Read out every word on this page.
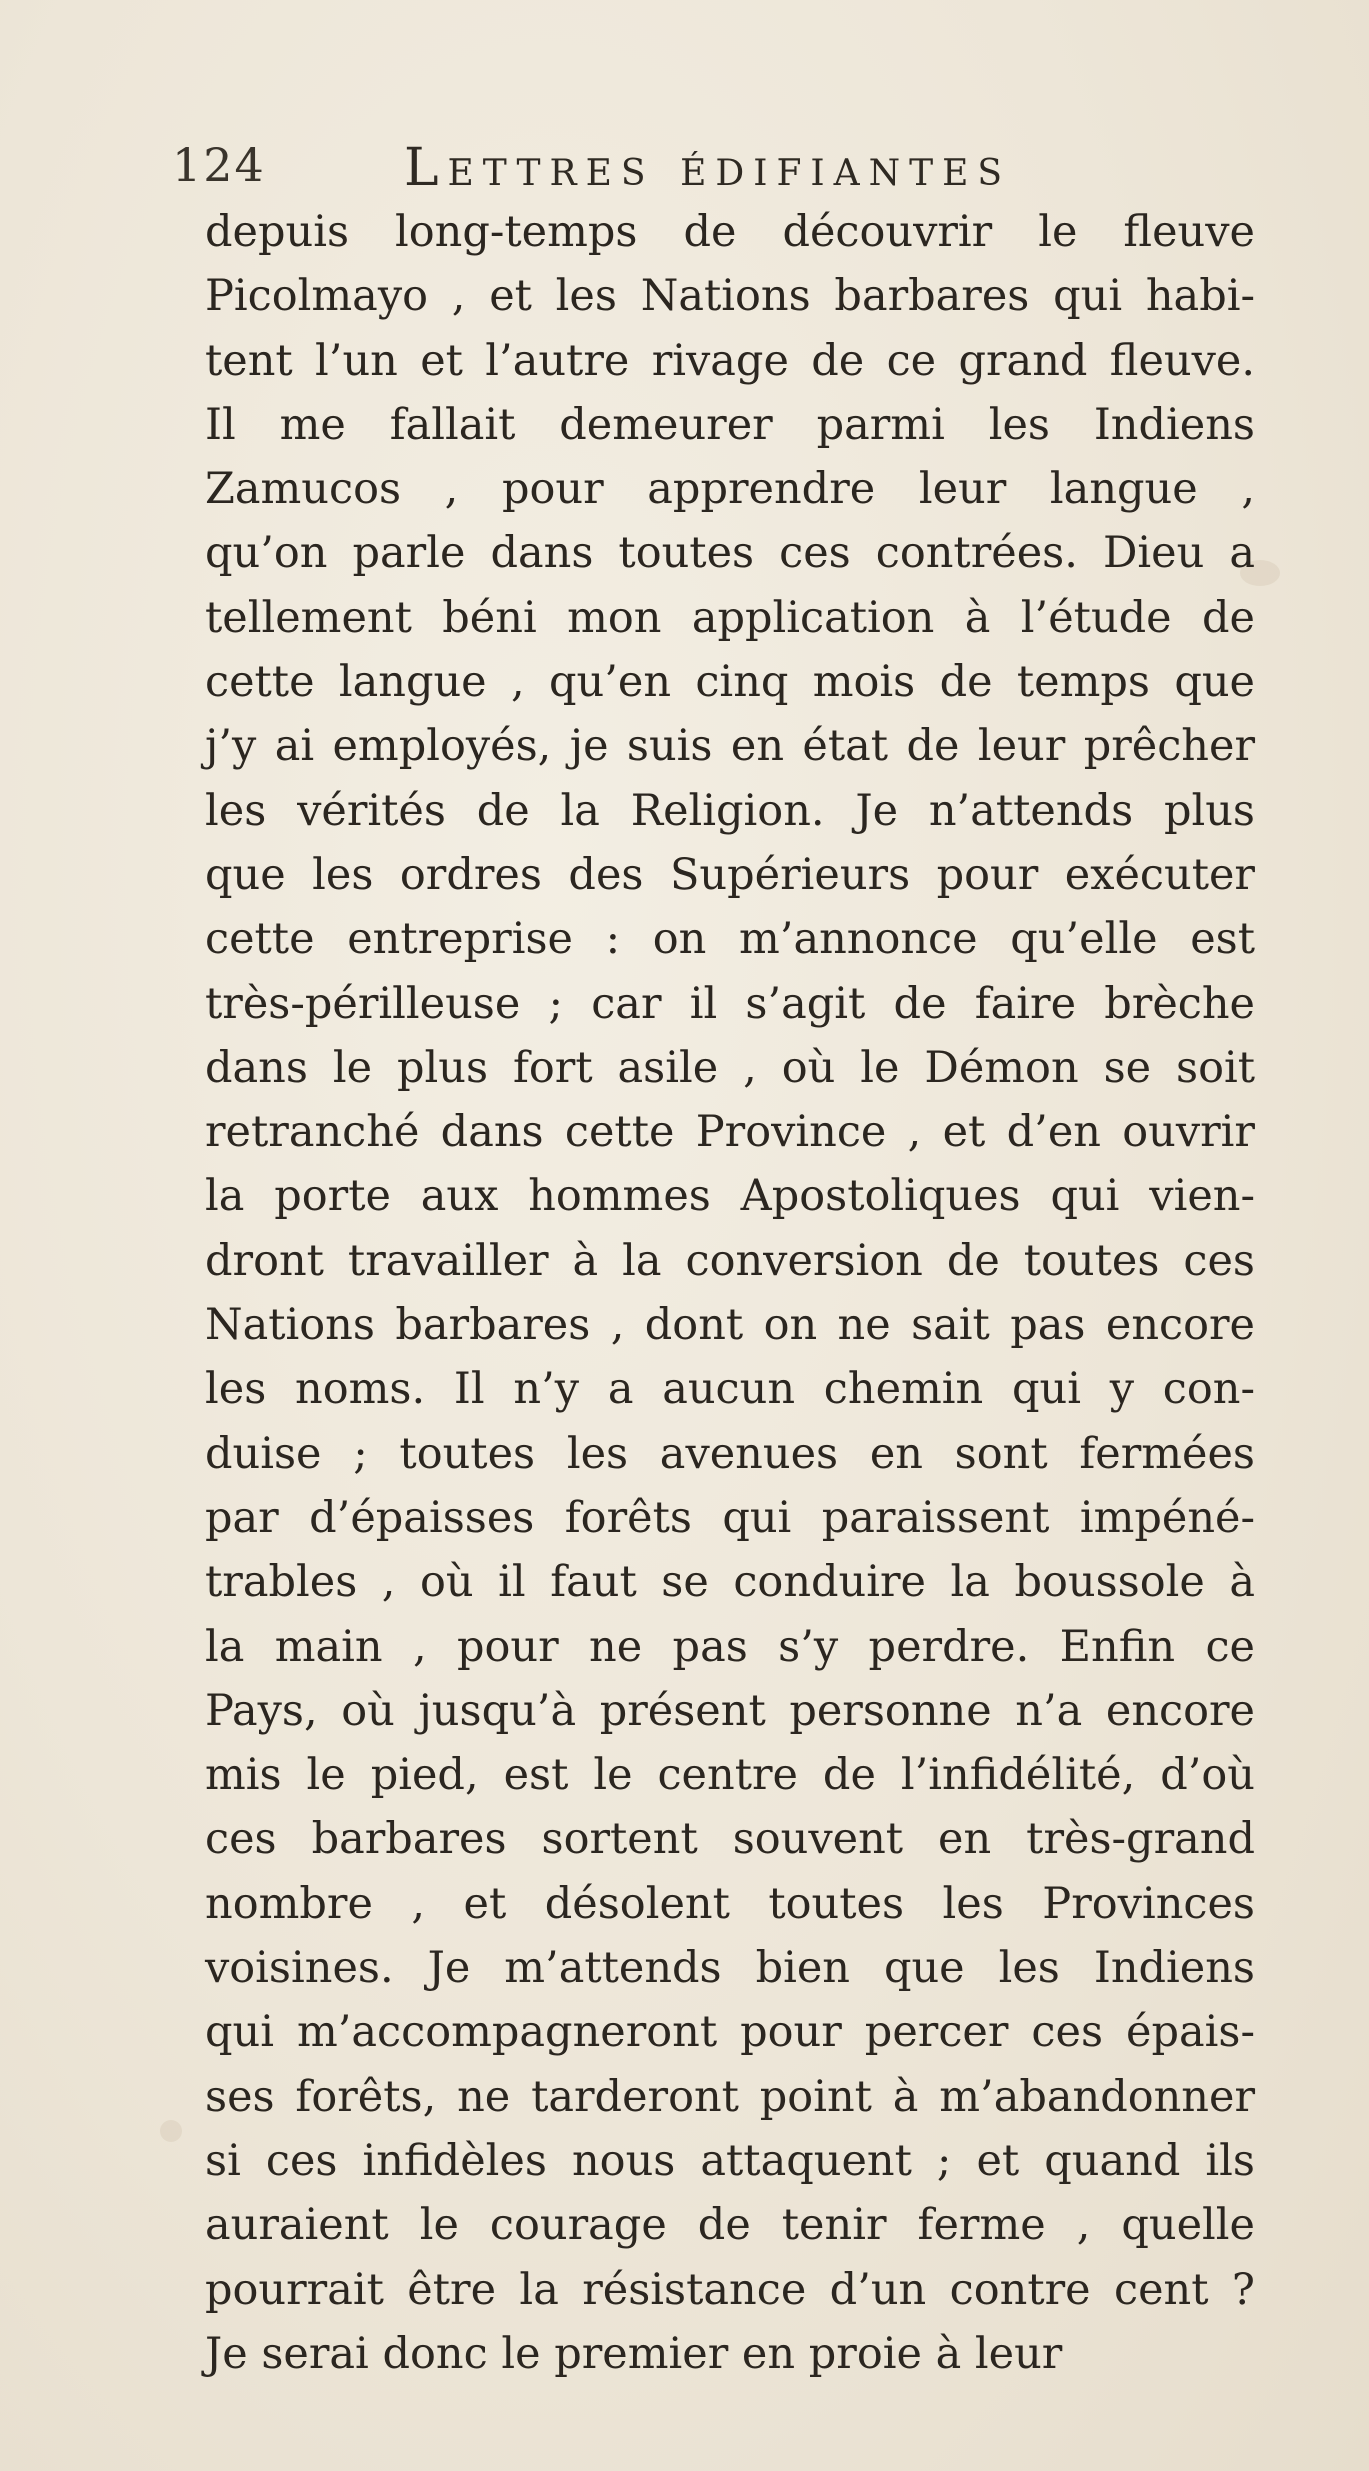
124	Lettres édifiantes
depuis long-temps de découvrir le fleuve
Picolmayo , et les Nations barbares qui habi-
tent l’un et l’autre rivage de ce grand fleuve.
Il me fallait demeurer parmi les Indiens
Zamucos , pour apprendre leur langue ,
qu’on parle dans toutes ces contrées. Dieu a
tellement béni mon application à l’étude de
cette langue , qu’en cinq mois de temps que
j’y ai employés, je suis en état de leur prêcher
les vérités de la Religion. Je n’attends plus
que les ordres des Supérieurs pour exécuter
cette entreprise : on m’annonce qu’elle est
très-périlleuse ; car il s’agit de faire brèche
dans le plus fort asile , où le Démon se soit
retranché dans cette Province , et d’en ouvrir
la porte aux hommes Apostoliques qui vien-
dront travailler à la conversion de toutes ces
Nations barbares , dont on ne sait pas encore
les noms. Il n’y a aucun chemin qui y con-
duise ; toutes les avenues en sont fermées
par d’épaisses forêts qui paraissent impéné-
trables , où il faut se conduire la boussole à
la main , pour ne pas s’y perdre. Enfin ce
Pays, où jusqu’à présent personne n’a encore
mis le pied, est le centre de l’infidélité, d’où
ces barbares sortent souvent en très-grand
nombre , et désolent toutes les Provinces
voisines. Je m’attends bien que les Indiens
qui m’accompagneront pour percer ces épais-
ses forêts, ne tarderont point à m’abandonner
si ces infidèles nous attaquent ; et quand ils
auraient le courage de tenir ferme , quelle
pourrait être la résistance d’un contre cent ?
Je serai donc le premier en proie à leur
